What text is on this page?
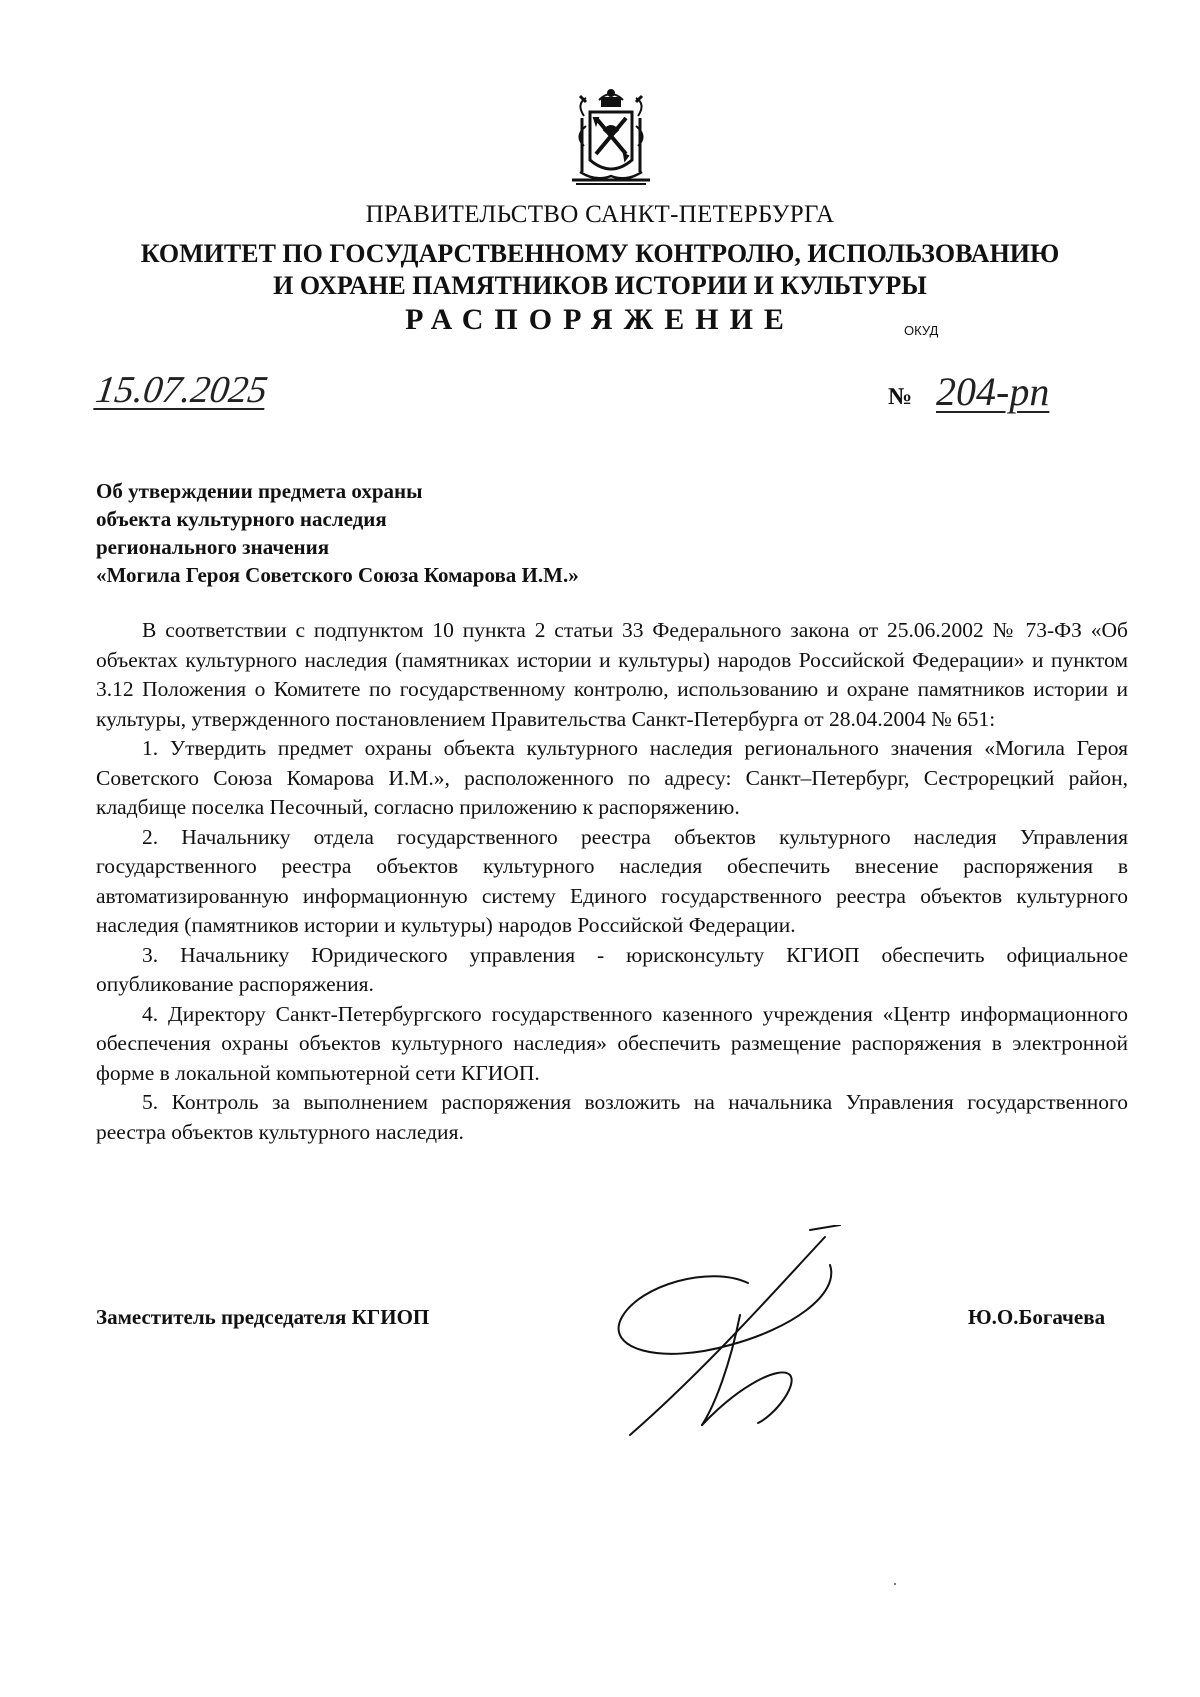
ПРАВИТЕЛЬСТВО САНКТ-ПЕТЕРБУРГА
КОМИТЕТ ПО ГОСУДАРСТВЕННОМУ КОНТРОЛЮ, ИСПОЛЬЗОВАНИЮ
И ОХРАНЕ ПАМЯТНИКОВ ИСТОРИИ И КУЛЬТУРЫ
РАСПОРЯЖЕНИЕ	ОКУД
15.07.2025	№ 204-рп
Об утверждении предмета охраны
объекта культурного наследия
регионального значения
«Могила Героя Советского Союза Комарова И.М.»

В соответствии с подпунктом 10 пункта 2 статьи 33 Федерального закона от 25.06.2002 № 73-ФЗ «Об объектах культурного наследия (памятниках истории и культуры) народов Российской Федерации» и пунктом 3.12 Положения о Комитете по государственному контролю, использованию и охране памятников истории и культуры, утвержденного постановлением Правительства Санкт-Петербурга от 28.04.2004 № 651:

1. Утвердить предмет охраны объекта культурного наследия регионального значения «Могила Героя Советского Союза Комарова И.М.», расположенного по адресу: Санкт–Петербург, Сестрорецкий район, кладбище поселка Песочный, согласно приложению к распоряжению.

2. Начальнику отдела государственного реестра объектов культурного наследия Управления государственного реестра объектов культурного наследия обеспечить внесение распоряжения в автоматизированную информационную систему Единого государственного реестра объектов культурного наследия (памятников истории и культуры) народов Российской Федерации.

3. Начальнику Юридического управления - юрисконсульту КГИОП обеспечить официальное опубликование распоряжения.

4. Директору Санкт-Петербургского государственного казенного учреждения «Центр информационного обеспечения охраны объектов культурного наследия» обеспечить размещение распоряжения в электронной форме в локальной компьютерной сети КГИОП.

5. Контроль за выполнением распоряжения возложить на начальника Управления государственного реестра объектов культурного наследия.

Заместитель председателя КГИОП	Ю.О.Богачева
